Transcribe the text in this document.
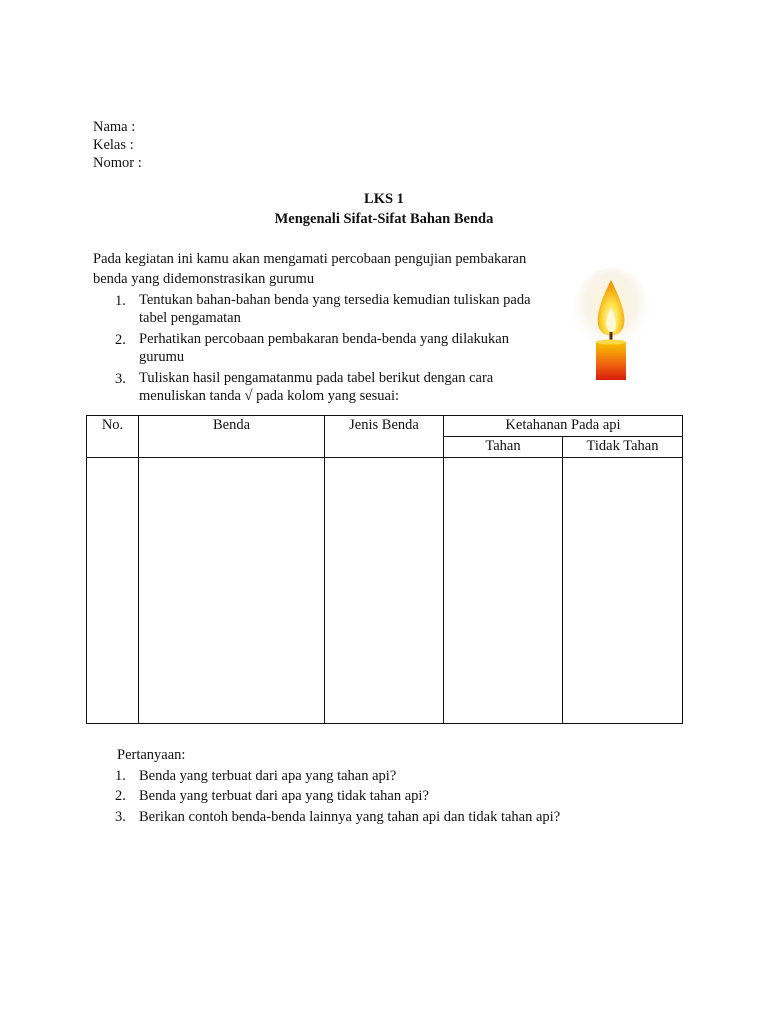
Nama :
Kelas :
Nomor :
LKS 1
Mengenali Sifat-Sifat Bahan Benda
Pada kegiatan ini kamu akan mengamati percobaan pengujian pembakaran
benda yang didemonstrasikan gurumu
1. Tentukan bahan-bahan benda yang tersedia kemudian tuliskan pada
tabel pengamatan
2. Perhatikan percobaan pembakaran benda-benda yang dilakukan
gurumu
3. Tuliskan hasil pengamatanmu pada tabel berikut dengan cara
menuliskan tanda √ pada kolom yang sesuai:
No.	Benda	Jenis Benda	Ketahanan Pada api	
			Tahan	Tidak Tahan

Pertanyaan:
1. Benda yang terbuat dari apa yang tahan api?
2. Benda yang terbuat dari apa yang tidak tahan api?
3. Berikan contoh benda-benda lainnya yang tahan api dan tidak tahan api?
